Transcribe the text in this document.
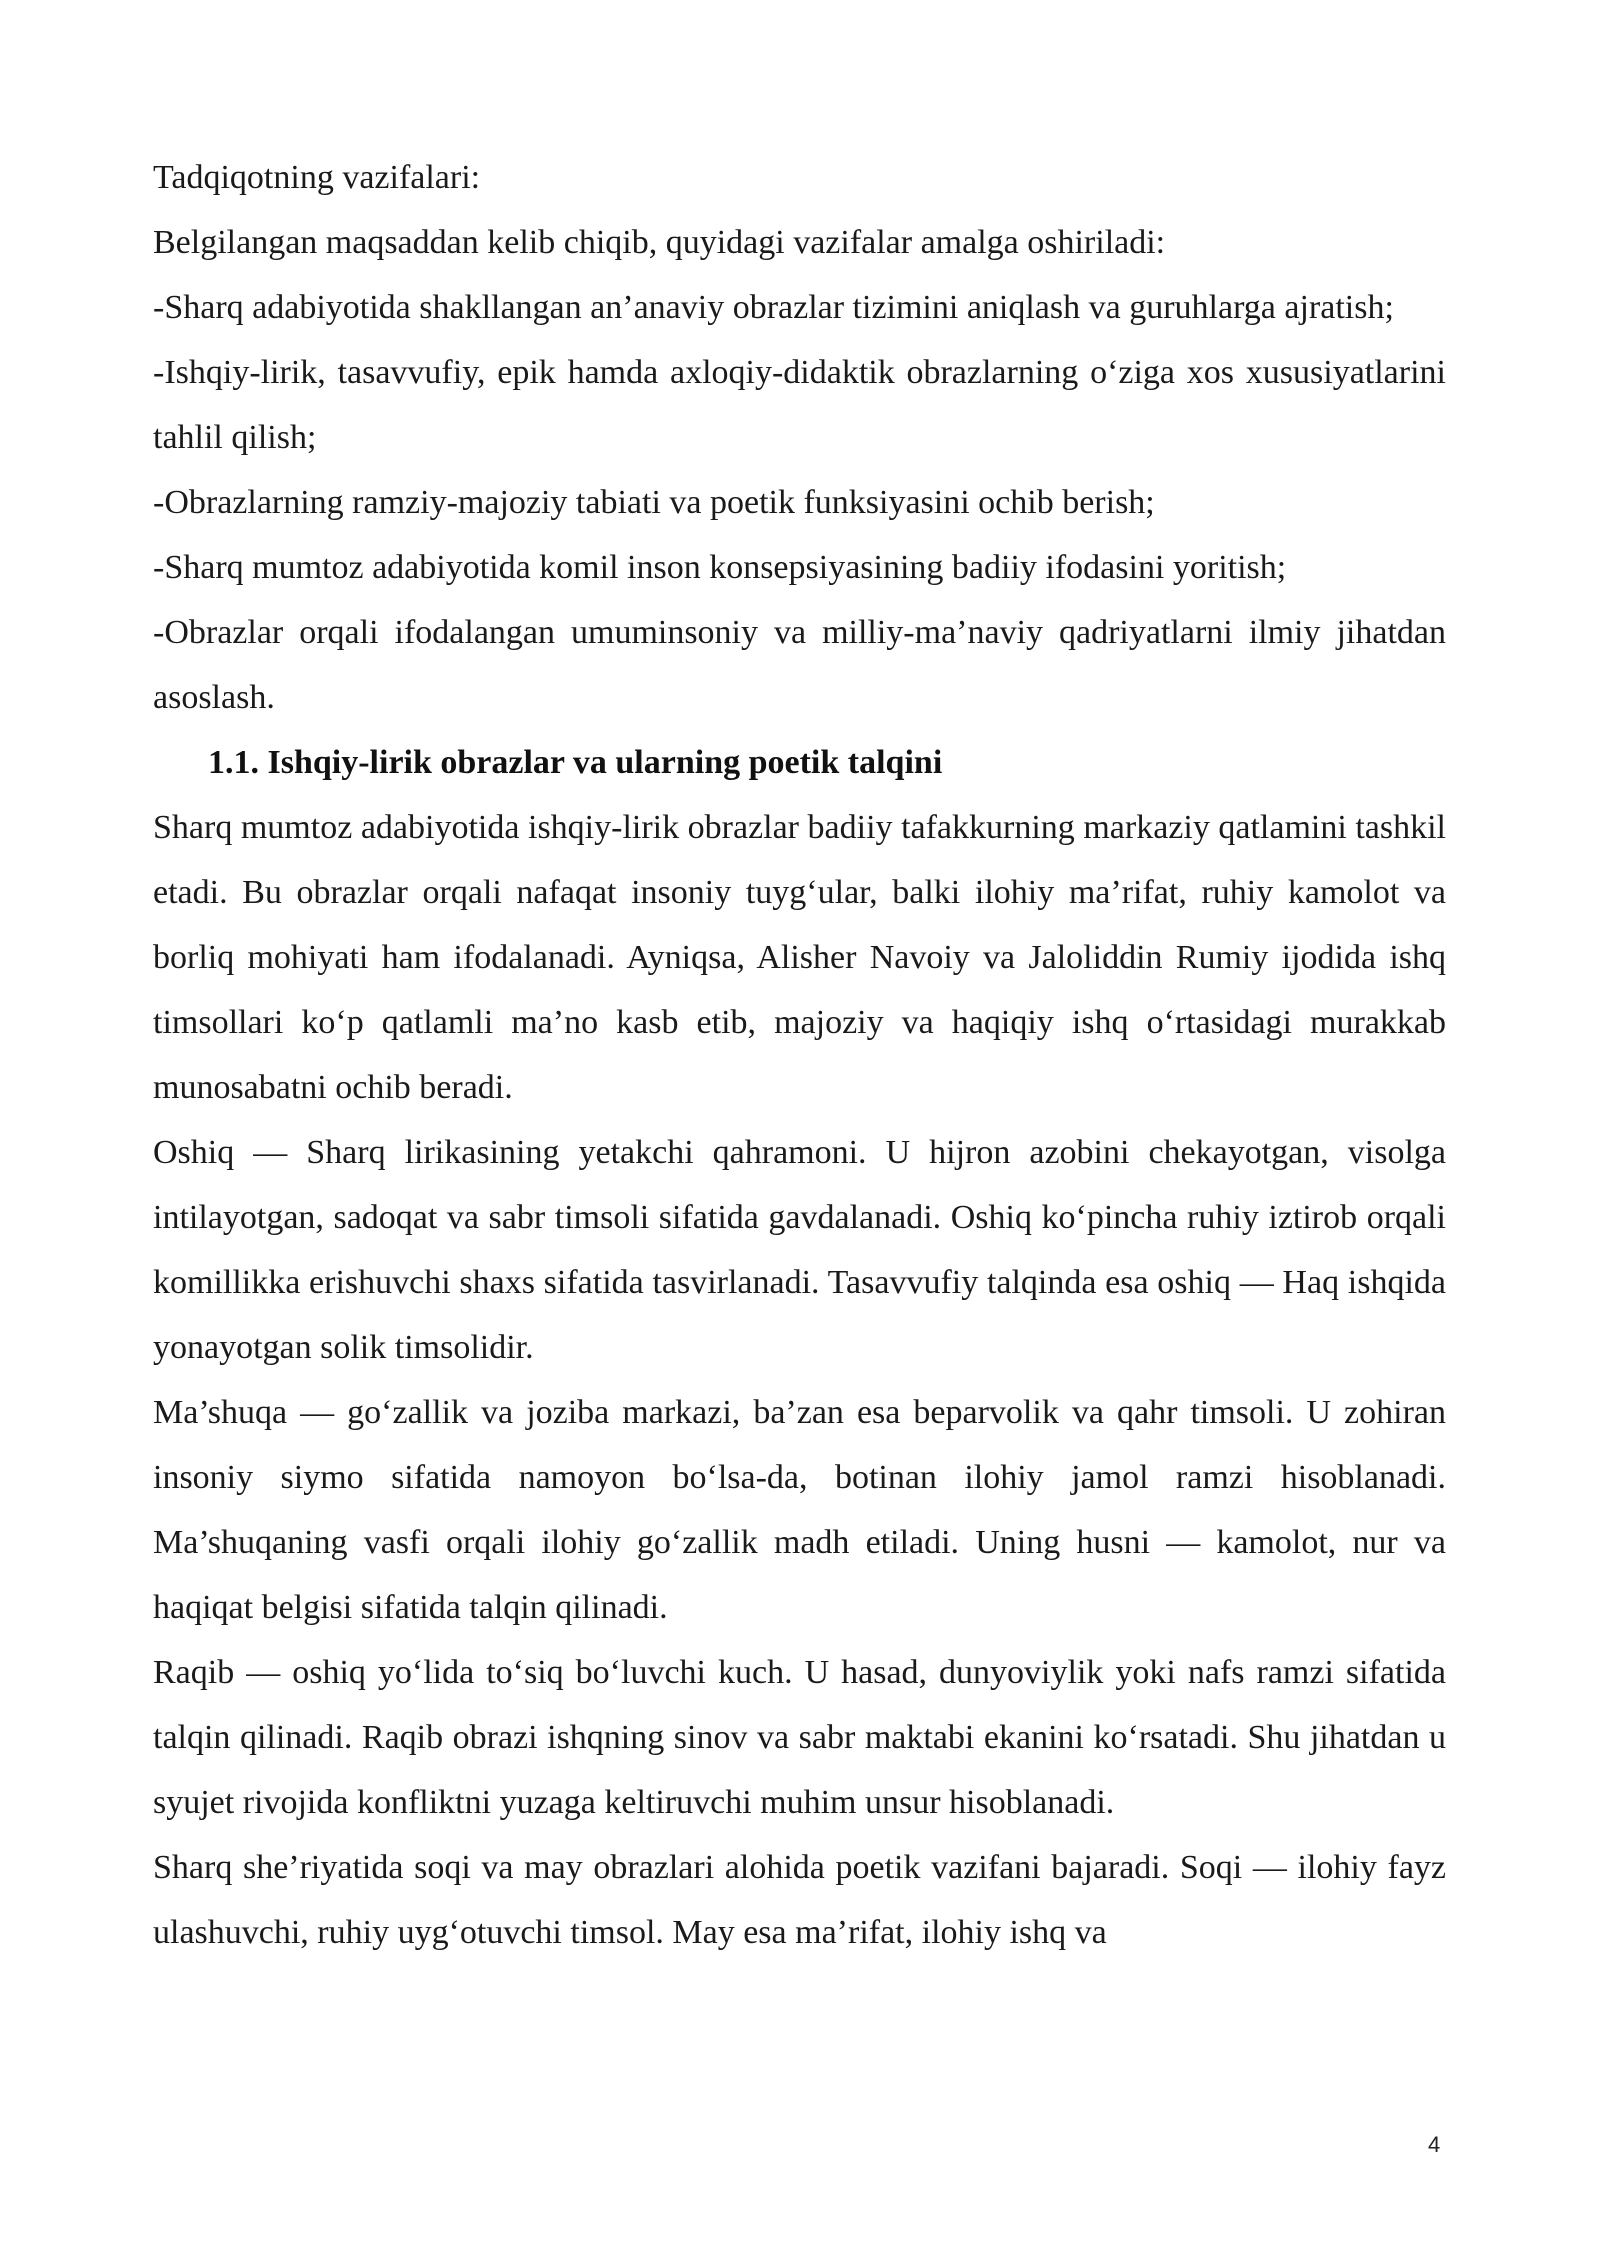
Tadqiqotning vazifalari:

Belgilangan maqsaddan kelib chiqib, quyidagi vazifalar amalga oshiriladi:

-Sharq adabiyotida shakllangan an’anaviy obrazlar tizimini aniqlash va guruhlarga ajratish;

-Ishqiy-lirik, tasavvufiy, epik hamda axloqiy-didaktik obrazlarning o‘ziga xos xususiyatlarini tahlil qilish;

-Obrazlarning ramziy-majoziy tabiati va poetik funksiyasini ochib berish;

-Sharq mumtoz adabiyotida komil inson konsepsiyasining badiiy ifodasini yoritish;

-Obrazlar orqali ifodalangan umuminsoniy va milliy-ma’naviy qadriyatlarni ilmiy jihatdan asoslash.

1.1. Ishqiy-lirik obrazlar va ularning poetik talqini

Sharq mumtoz adabiyotida ishqiy-lirik obrazlar badiiy tafakkurning markaziy qatlamini tashkil etadi. Bu obrazlar orqali nafaqat insoniy tuyg‘ular, balki ilohiy ma’rifat, ruhiy kamolot va borliq mohiyati ham ifodalanadi. Ayniqsa, Alisher Navoiy va Jaloliddin Rumiy ijodida ishq timsollari ko‘p qatlamli ma’no kasb etib, majoziy va haqiqiy ishq o‘rtasidagi murakkab munosabatni ochib beradi.

Oshiq — Sharq lirikasining yetakchi qahramoni. U hijron azobini chekayotgan, visolga intilayotgan, sadoqat va sabr timsoli sifatida gavdalanadi. Oshiq ko‘pincha ruhiy iztirob orqali komillikka erishuvchi shaxs sifatida tasvirlanadi. Tasavvufiy talqinda esa oshiq — Haq ishqida yonayotgan solik timsolidir.

Ma’shuqa — go‘zallik va joziba markazi, ba’zan esa beparvolik va qahr timsoli. U zohiran insoniy siymo sifatida namoyon bo‘lsa-da, botinan ilohiy jamol ramzi hisoblanadi. Ma’shuqaning vasfi orqali ilohiy go‘zallik madh etiladi. Uning husni — kamolot, nur va haqiqat belgisi sifatida talqin qilinadi.

Raqib — oshiq yo‘lida to‘siq bo‘luvchi kuch. U hasad, dunyoviylik yoki nafs ramzi sifatida talqin qilinadi. Raqib obrazi ishqning sinov va sabr maktabi ekanini ko‘rsatadi. Shu jihatdan u syujet rivojida konfliktni yuzaga keltiruvchi muhim unsur hisoblanadi.

Sharq she’riyatida soqi va may obrazlari alohida poetik vazifani bajaradi. Soqi — ilohiy fayz ulashuvchi, ruhiy uyg‘otuvchi timsol. May esa ma’rifat, ilohiy ishq va

4
